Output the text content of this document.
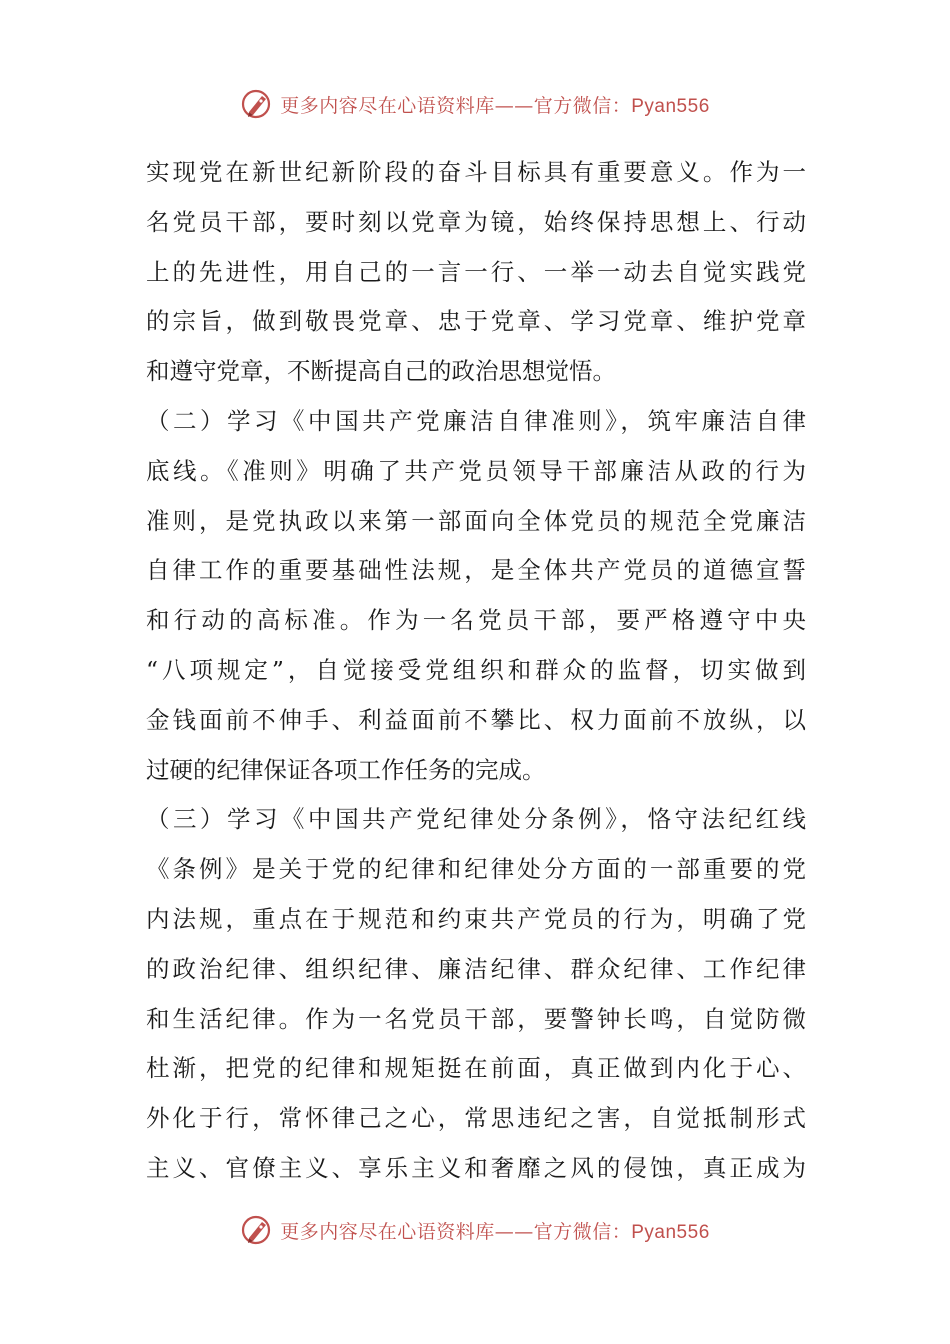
更多内容尽在心语资料库——官方微信：Pyan556
实现党在新世纪新阶段的奋斗目标具有重要意义。作为一
名党员干部，要时刻以党章为镜，始终保持思想上、行动
上的先进性，用自己的一言一行、一举一动去自觉实践党
的宗旨，做到敬畏党章、忠于党章、学习党章、维护党章
和遵守党章，不断提高自己的政治思想觉悟。
（二）学习《中国共产党廉洁自律准则》，筑牢廉洁自律
底线。《准则》明确了共产党员领导干部廉洁从政的行为
准则，是党执政以来第一部面向全体党员的规范全党廉洁
自律工作的重要基础性法规，是全体共产党员的道德宣誓
和行动的高标准。作为一名党员干部，要严格遵守中央
“八项规定”，自觉接受党组织和群众的监督，切实做到
金钱面前不伸手、利益面前不攀比、权力面前不放纵，以
过硬的纪律保证各项工作任务的完成。
（三）学习《中国共产党纪律处分条例》，恪守法纪红线
《条例》是关于党的纪律和纪律处分方面的一部重要的党
内法规，重点在于规范和约束共产党员的行为，明确了党
的政治纪律、组织纪律、廉洁纪律、群众纪律、工作纪律
和生活纪律。作为一名党员干部，要警钟长鸣，自觉防微
杜渐，把党的纪律和规矩挺在前面，真正做到内化于心、
外化于行，常怀律己之心，常思违纪之害，自觉抵制形式
主义、官僚主义、享乐主义和奢靡之风的侵蚀，真正成为
更多内容尽在心语资料库——官方微信：Pyan556
